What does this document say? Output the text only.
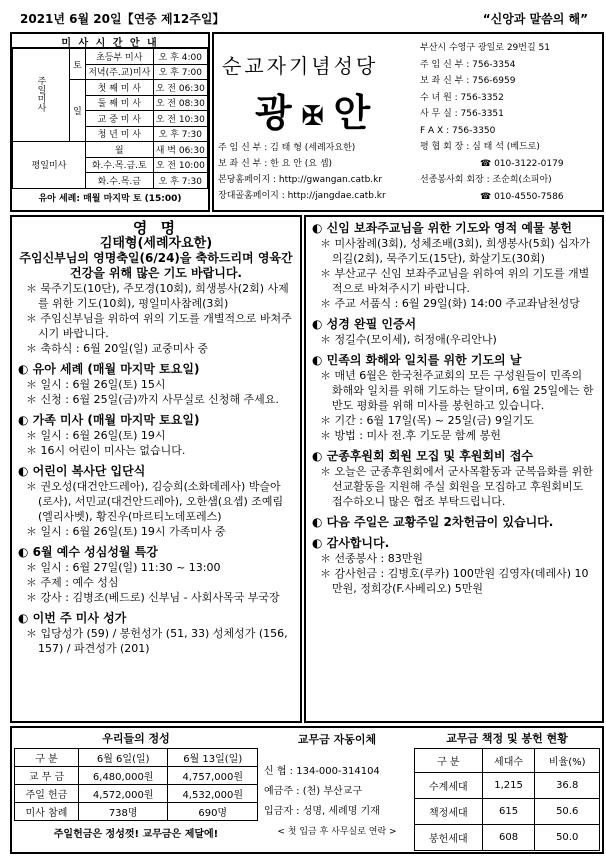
2021년 6월 20일【연중 제12주일】	“신앙과 말씀의 해”
미 사 시 간 안 내
주일미사	토	초등부 미사	오 후 4:00
		저녁(주.교)미사	오 후 7:00
	일	첫 째 미 사	오 전 06:30
		둘 째 미 사	오 전 08:30
		교 중 미 사	오 전 10:30
		청 년 미 사	오 후 7:30
평일미사		월	새 벽 06:30
		화.수.목.금.토	오 전 10:00
		화.수.목.금	오 후 7:30
유아 세례: 매월 마지막 토 (15:00)
순교자기념성당
광✠안
주 임 신 부 : 김 태 형 (세례자요한)
보 좌 신 부 : 한 요 안 (요 셉)
본당홈페이지 : http://gwangan.catb.kr
장대골홈페이지 : http://jangdae.catb.kr
부산시 수영구 광일로 29번길 51
주 임 신 부 : 756-3354
보 좌 신 부 : 756-6959
수 녀 원 : 756-3352
사 무 실 : 756-3351
F A X : 756-3350
평 협 회 장 : 심 태 석 (베드로)
☎ 010-3122-0179
선종봉사회 회장 : 조순희(소피아)
☎ 010-4550-7586
영 명
김태형(세례자요한)
주임신부님의 영명축일(6/24)을 축하드리며 영육간 건강을 위해 많은 기도 바랍니다.
＊ 묵주기도(10단), 주모경(10회), 희생봉사(2회) 사제를 위한 기도(10회), 평일미사참례(3회)
＊ 주임신부님을 위하여 위의 기도를 개별적으로 바쳐주시기 바랍니다.
＊ 축하식 : 6월 20일(일) 교중미사 중
◐ 유아 세례 (매월 마지막 토요일)
＊ 일시 : 6월 26일(토) 15시
＊ 신청 : 6월 25일(금)까지 사무실로 신청해 주세요.
◐ 가족 미사 (매월 마지막 토요일)
＊ 일시 : 6월 26일(토) 19시
＊ 16시 어린이 미사는 없습니다.
◐ 어린이 복사단 입단식
＊ 권오성(대건안드레아), 김승희(소화데레사) 박슬아(로사), 서민교(대건안드레아), 오한샘(요셉) 조예림(엘리사벳), 황진우(마르티노데포레스)
＊ 일시 : 6월 26일(토) 19시 가족미사 중
◐ 6월 예수 성심성월 특강
＊ 일시 : 6월 27일(일) 11:30 ~ 13:00
＊ 주제 : 예수 성심
＊ 강사 : 김병조(베드로) 신부님 - 사회사목국 부국장
◐ 이번 주 미사 성가
＊ 입당성가 (59) / 봉헌성가 (51, 33) 성체성가 (156, 157) / 파견성가 (201)
◐ 신임 보좌주교님을 위한 기도와 영적 예물 봉헌
＊ 미사참례(3회), 성체조배(3회), 희생봉사(5회) 십자가의길(2회), 묵주기도(15단), 화살기도(30회)
＊ 부산교구 신임 보좌주교님을 위하여 위의 기도를 개별적으로 바쳐주시기 바랍니다.
＊ 주교 서품식 : 6월 29일(화) 14:00 주교좌남천성당
◐ 성경 완필 인증서
＊ 정길수(모이세), 허정애(우리안나)
◐ 민족의 화해와 일치를 위한 기도의 날
＊ 매년 6월은 한국천주교회의 모든 구성원들이 민족의 화해와 일치를 위해 기도하는 달이며, 6월 25일에는 한반도 평화를 위해 미사를 봉헌하고 있습니다.
＊ 기간 : 6월 17일(목) ~ 25일(금) 9일기도
＊ 방법 : 미사 전.후 기도문 함께 봉헌
◐ 군종후원회 회원 모집 및 후원회비 접수
＊ 오늘은 군종후원회에서 군사목활동과 군복음화를 위한 선교활동을 지원해 주실 회원을 모집하고 후원회비도 접수하오니 많은 협조 부탁드립니다.
◐ 다음 주일은 교황주일 2차헌금이 있습니다.
◐ 감사합니다.
＊ 선종봉사 : 83만원
＊ 감사헌금 : 김병호(루카) 100만원 김영자(데레사) 10만원, 정희강(F.사베리오) 5만원
우리들의 정성
구 분	6월 6일(일)	6월 13일(일)
교 무 금	6,480,000원	4,757,000원
주일 헌금	4,572,000원	4,532,000원
미사 참례	738명	690명
주일헌금은 정성껏! 교무금은 제달에!
교무금 자동이체
신 협 : 134-000-314104
예금주 : (천) 부산교구
입금자 : 성명, 세례명 기재
< 첫 입금 후 사무실로 연락 >
교무금 책정 및 봉헌 현황
구 분	세대수	비율(%)
수계세대	1,215	36.8
책정세대	615	50.6
봉헌세대	608	50.0
